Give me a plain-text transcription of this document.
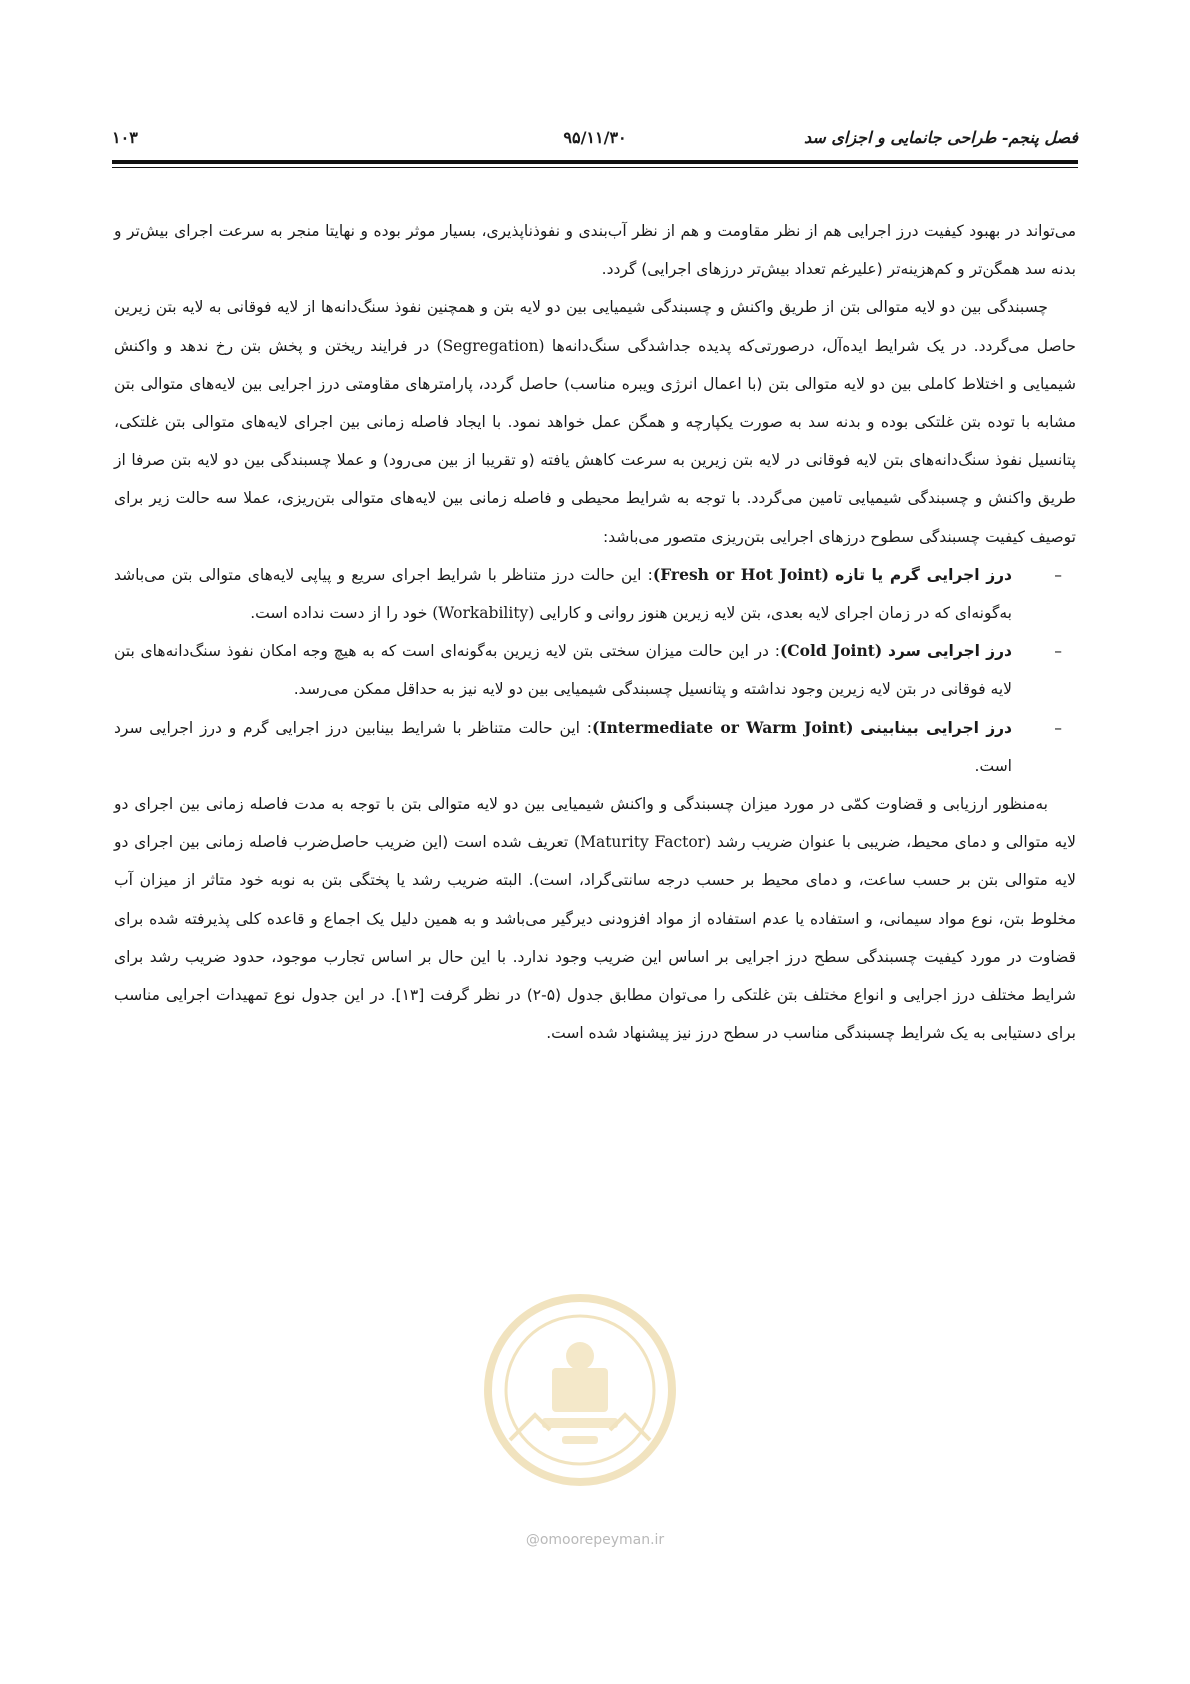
فصل پنجم- طراحی جانمایی و اجزای سد
۹۵/۱۱/۳۰
۱۰۳

می‌تواند در بهبود کیفیت درز اجرایی هم از نظر مقاومت و هم از نظر آب‌بندی و نفوذناپذیری، بسیار موثر بوده و نهایتا منجر به سرعت اجرای بیش‌تر و بدنه سد همگن‌تر و کم‌هزینه‌تر (علیرغم تعداد بیش‌تر درزهای اجرایی) گردد.

چسبندگی بین دو لایه متوالی بتن از طریق واکنش و چسبندگی شیمیایی بین دو لایه بتن و همچنین نفوذ سنگ‌دانه‌ها از لایه فوقانی به لایه بتن زیرین حاصل می‌گردد. در یک شرایط ایده‌آل، درصورتی‌که پدیده جداشدگی سنگ‌دانه‌ها (Segregation) در فرایند ریختن و پخش بتن رخ ندهد و واکنش شیمیایی و اختلاط کاملی بین دو لایه متوالی بتن (با اعمال انرژی ویبره مناسب) حاصل گردد، پارامترهای مقاومتی درز اجرایی بین لایه‌های متوالی بتن مشابه با توده بتن غلتکی بوده و بدنه سد به صورت یکپارچه و همگن عمل خواهد نمود. با ایجاد فاصله زمانی بین اجرای لایه‌های متوالی بتن غلتکی، پتانسیل نفوذ سنگ‌دانه‌های بتن لایه فوقانی در لایه بتن زیرین به سرعت کاهش یافته (و تقریبا از بین می‌رود) و عملا چسبندگی بین دو لایه بتن صرفا از طریق واکنش و چسبندگی شیمیایی تامین می‌گردد. با توجه به شرایط محیطی و فاصله زمانی بین لایه‌های متوالی بتن‌ریزی، عملا سه حالت زیر برای توصیف کیفیت چسبندگی سطوح درزهای اجرایی بتن‌ریزی متصور می‌باشد:

–
درز اجرایی گرم یا تازه (Fresh or Hot Joint): این حالت درز متناظر با شرایط اجرای سریع و پیاپی لایه‌های متوالی بتن می‌باشد به‌گونه‌ای که در زمان اجرای لایه بعدی، بتن لایه زیرین هنوز روانی و کارایی (Workability) خود را از دست نداده است.
–
درز اجرایی سرد (Cold Joint): در این حالت میزان سختی بتن لایه زیرین به‌گونه‌ای است که به هیچ وجه امکان نفوذ سنگ‌دانه‌های بتن لایه فوقانی در بتن لایه زیرین وجود نداشته و پتانسیل چسبندگی شیمیایی بین دو لایه نیز به حداقل ممکن می‌رسد.
–
درز اجرایی بینابینی (Intermediate or Warm Joint): این حالت متناظر با شرایط بینابین درز اجرایی گرم و درز اجرایی سرد است.

به‌منظور ارزیابی و قضاوت کمّی در مورد میزان چسبندگی و واکنش شیمیایی بین دو لایه متوالی بتن با توجه به مدت فاصله زمانی بین اجرای دو لایه متوالی و دمای محیط، ضریبی با عنوان ضریب رشد (Maturity Factor) تعریف شده است (این ضریب حاصل‌ضرب فاصله زمانی بین اجرای دو لایه متوالی بتن بر حسب ساعت، و دمای محیط بر حسب درجه سانتی‌گراد، است). البته ضریب رشد یا پختگی بتن به نوبه خود متاثر از میزان آب مخلوط بتن، نوع مواد سیمانی، و استفاده یا عدم استفاده از مواد افزودنی دیرگیر می‌باشد و به همین دلیل یک اجماع و قاعده کلی پذیرفته شده برای قضاوت در مورد کیفیت چسبندگی سطح درز اجرایی بر اساس این ضریب وجود ندارد. با این حال بر اساس تجارب موجود، حدود ضریب رشد برای شرایط مختلف درز اجرایی و انواع مختلف بتن غلتکی را می‌توان مطابق جدول (۵-۲) در نظر گرفت [۱۳]. در این جدول نوع تمهیدات اجرایی مناسب برای دستیابی به یک شرایط چسبندگی مناسب در سطح درز نیز پیشنهاد شده است.

@omoorepeyman.ir
